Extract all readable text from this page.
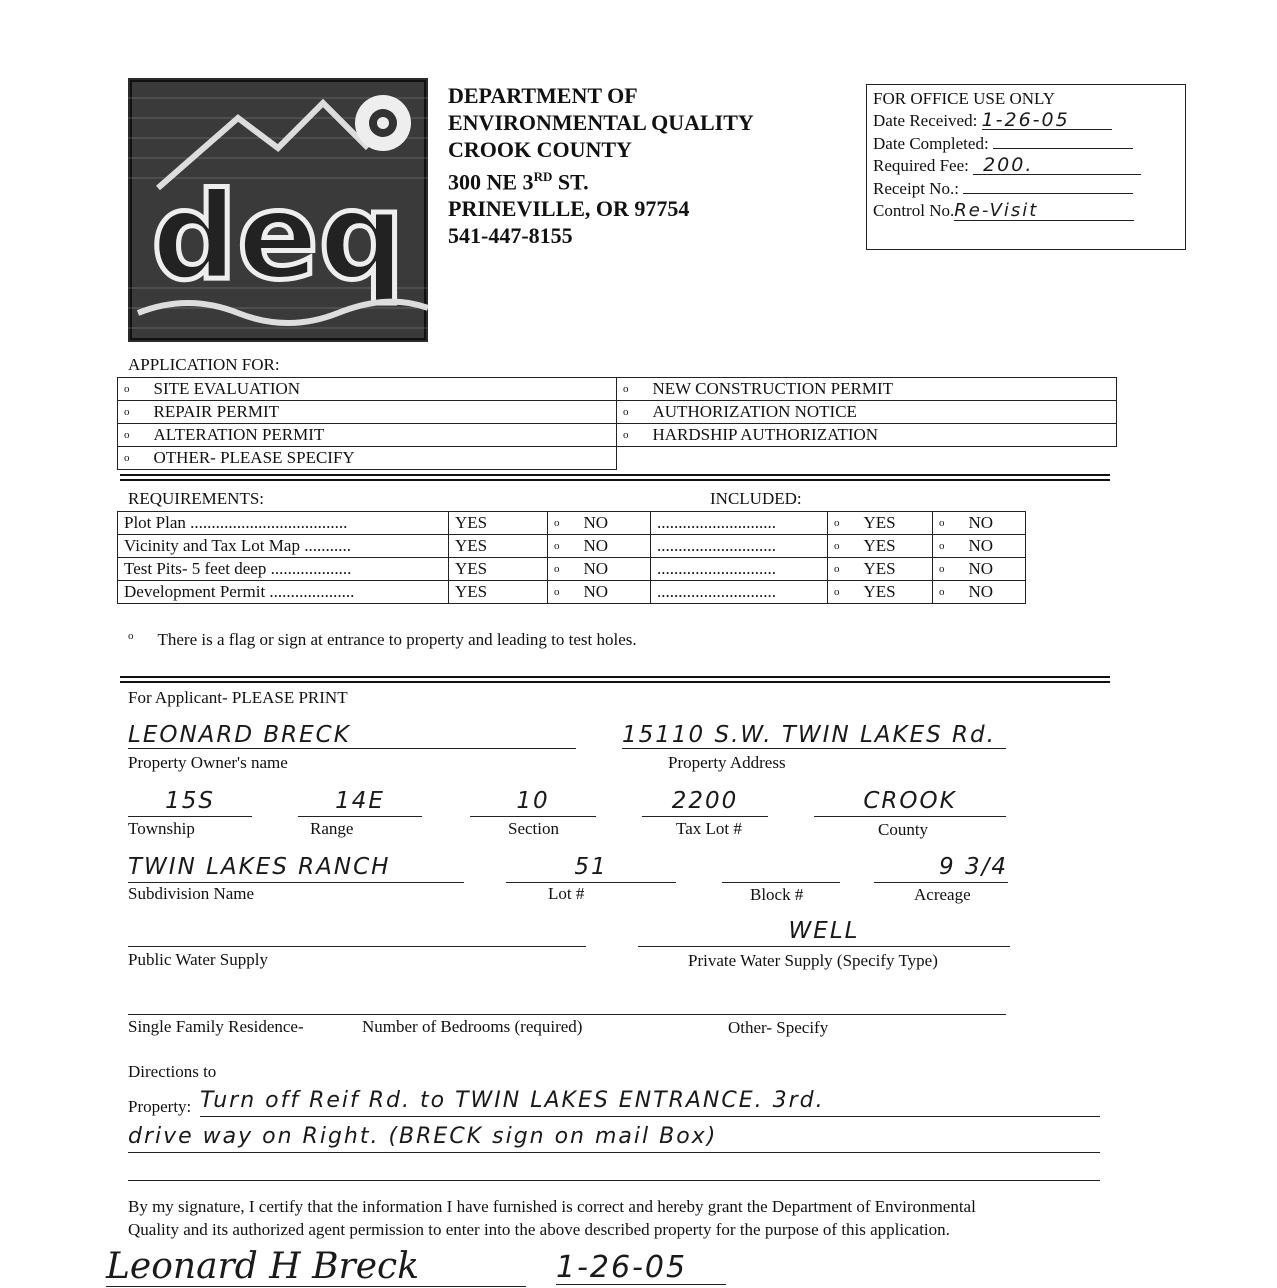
deq
DEPARTMENT OF
ENVIRONMENTAL QUALITY
CROOK COUNTY
300 NE 3RD ST.
PRINEVILLE, OR 97754
541-447-8155
FOR OFFICE USE ONLY
Date Received: 1-26-05
Date Completed:
Required Fee: 200.
Receipt No.:
Control No.Re-Visit
APPLICATION FOR:
$^o$ SITE EVALUATION	$^o$ NEW CONSTRUCTION PERMIT
$^o$ REPAIR PERMIT	$^o$ AUTHORIZATION NOTICE
$^o$ ALTERATION PERMIT	$^o$ HARDSHIP AUTHORIZATION
$^o$ OTHER- PLEASE SPECIFY	
REQUIREMENTS:	INCLUDED:
Plot Plan .....................................	YES	$^o$ NO	............................	$^o$ YES	$^o$ NO
Vicinity and Tax Lot Map ...........	YES	$^o$ NO	............................	$^o$ YES	$^o$ NO
Test Pits- 5 feet deep ...................	YES	$^o$ NO	............................	$^o$ YES	$^o$ NO
Development Permit ....................	YES	$^o$ NO	............................	$^o$ YES	$^o$ NO
$^o$ There is a flag or sign at entrance to property and leading to test holes.
For Applicant- PLEASE PRINT
LEONARD BRECK
Property Owner's name
15110 S.W. TWIN LAKES Rd.
Property Address
15S
Township
14E
Range
10
Section
2200
Tax Lot #
CROOK
County
TWIN LAKES RANCH
Subdivision Name
51
Lot #	Block #
9 3/4
Acreage
Public Water Supply
WELL
Private Water Supply (Specify Type)
Single Family Residence-	Number of Bedrooms (required)	Other- Specify
Directions to
Property: Turn off Reif Rd. to TWIN LAKES ENTRANCE. 3rd.
drive way on Right. (BRECK sign on mail Box)
By my signature, I certify that the information I have furnished is correct and hereby grant the Department of Environmental
Quality and its authorized agent permission to enter into the above described property for the purpose of this application.
Leonard H Breck	1-26-05
